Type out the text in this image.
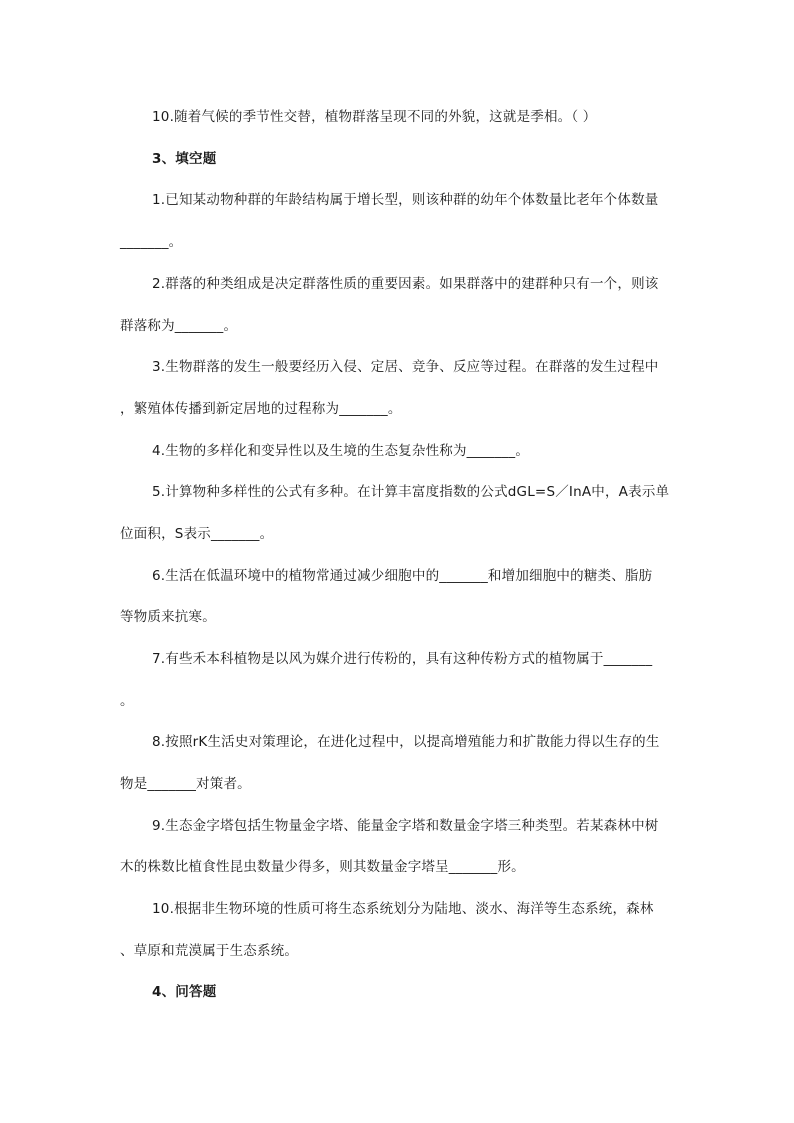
10.随着气候的季节性交替，植物群落呈现不同的外貌，这就是季相。（ ）
3、填空题
1.已知某动物种群的年龄结构属于增长型，则该种群的幼年个体数量比老年个体数量
_______。
2.群落的种类组成是决定群落性质的重要因素。如果群落中的建群种只有一个，则该
群落称为_______。
3.生物群落的发生一般要经历入侵、定居、竞争、反应等过程。在群落的发生过程中
，繁殖体传播到新定居地的过程称为_______。
4.生物的多样化和变异性以及生境的生态复杂性称为_______。
5.计算物种多样性的公式有多种。在计算丰富度指数的公式dGL=S／InA中，A表示单
位面积，S表示_______。
6.生活在低温环境中的植物常通过减少细胞中的_______和增加细胞中的糖类、脂肪
等物质来抗寒。
7.有些禾本科植物是以风为媒介进行传粉的，具有这种传粉方式的植物属于_______
。
8.按照rK生活史对策理论，在进化过程中，以提高增殖能力和扩散能力得以生存的生
物是_______对策者。
9.生态金字塔包括生物量金字塔、能量金字塔和数量金字塔三种类型。若某森林中树
木的株数比植食性昆虫数量少得多，则其数量金字塔呈_______形。
10.根据非生物环境的性质可将生态系统划分为陆地、淡水、海洋等生态系统，森林
、草原和荒漠属于生态系统。
4、问答题
